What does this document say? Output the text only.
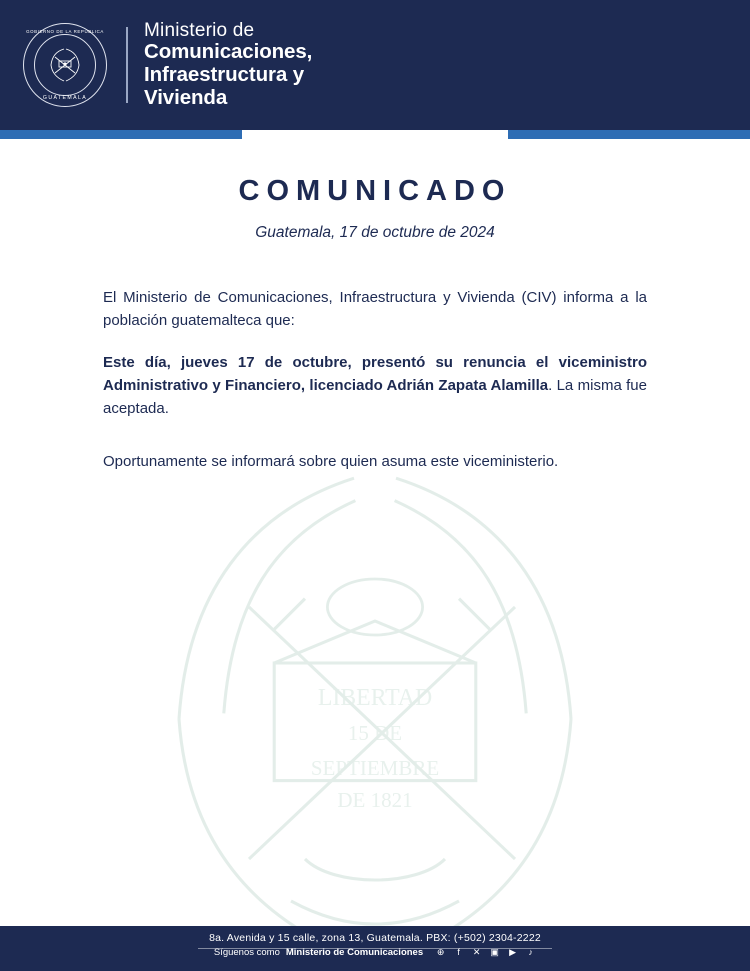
GOBIERNO DE LA REPÚBLICA
GUATEMALA
Ministerio de
Comunicaciones,
Infraestructura y
Vivienda
LIBERTAD
15 DE
SEPTIEMBRE
DE 1821
COMUNICADO
Guatemala, 17 de octubre de 2024

El Ministerio de Comunicaciones, Infraestructura y Vivienda (CIV) informa a la población guatemalteca que:

Este día, jueves 17 de octubre, presentó su renuncia el viceministro Administrativo y Financiero, licenciado Adrián Zapata Alamilla. La misma fue aceptada.

Oportunamente se informará sobre quien asuma este viceministerio.

8a. Avenida y 15 calle, zona 13, Guatemala. PBX: (+502) 2304-2222
Síguenos como Ministerio de Comunicaciones ⊕	f	✕ ▣ ▶	♪
